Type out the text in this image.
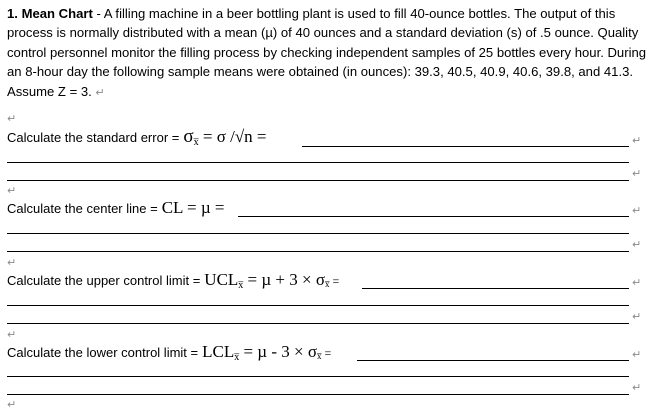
1. Mean Chart - A filling machine in a beer bottling plant is used to fill 40-ounce bottles. The output of this process is normally distributed with a mean (µ) of 40 ounces and a standard deviation (s) of .5 ounce. Quality control personnel monitor the filling process by checking independent samples of 25 bottles every hour. During an 8-hour day the following sample means were obtained (in ounces): 39.3, 40.5, 40.9, 40.6, 39.8, and 41.3. Assume Z = 3. ↵
↵
Calculate the standard error = $\sigma_{x̅} = \sigma$ /√n =	↵
↵
↵
Calculate the center line = CL = µ =	↵
↵
↵
Calculate the upper control limit = $UCL_{x̅} = \mu + 3$ × σx̅ =	↵
↵
↵
Calculate the lower control limit = $LCL_{x̅} = \mu - 3$ × σx̅ =	↵
↵
↵
